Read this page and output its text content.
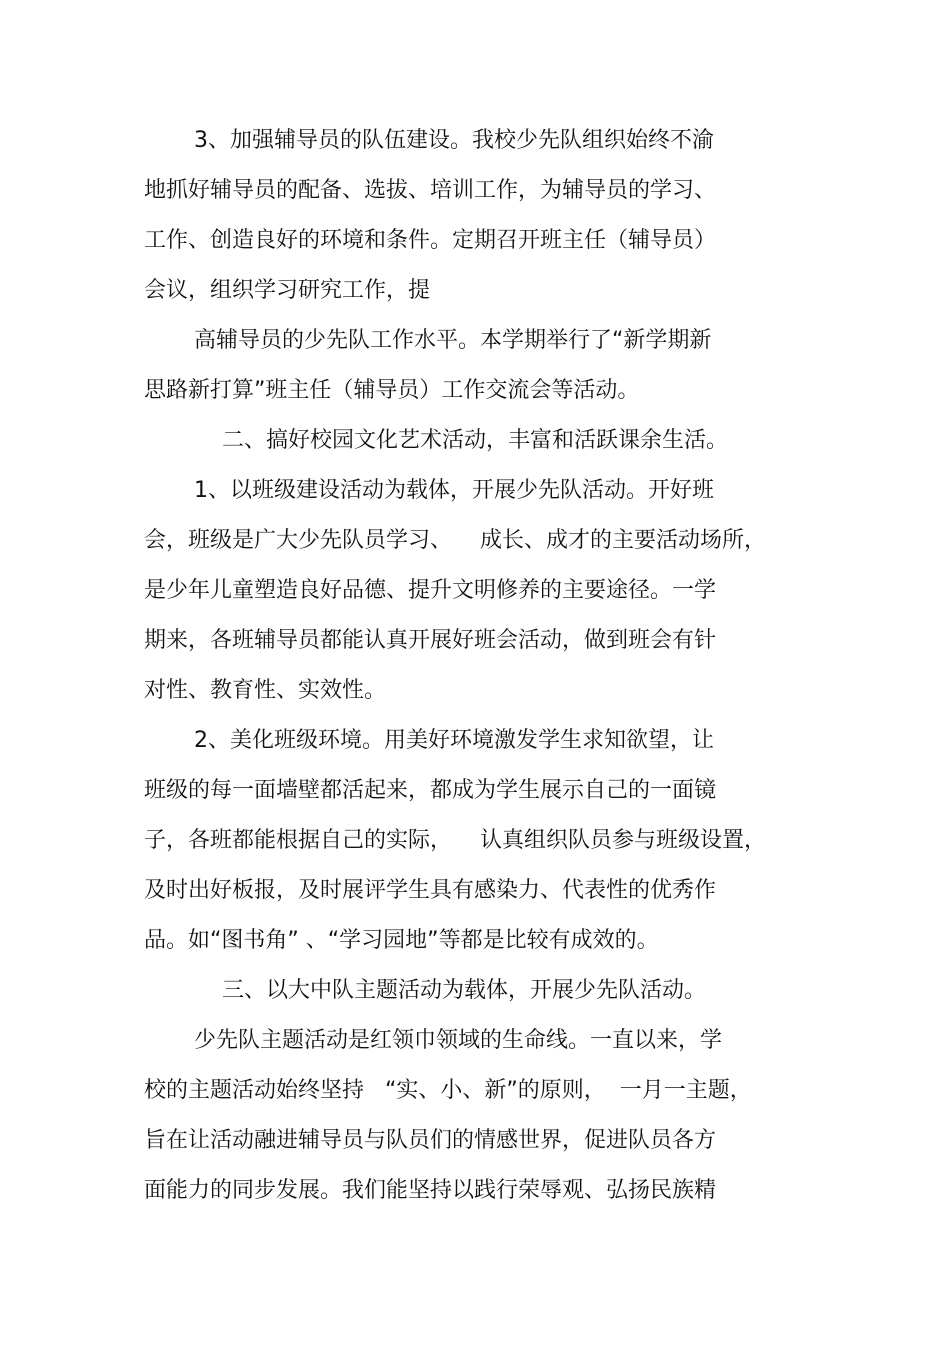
3、加强辅导员的队伍建设。我校少先队组织始终不渝
地抓好辅导员的配备、选拔、培训工作，为辅导员的学习、
工作、创造良好的环境和条件。定期召开班主任（辅导员）
会议，组织学习研究工作，提
高辅导员的少先队工作水平。本学期举行了“新学期新
思路新打算”班主任（辅导员）工作交流会等活动。
二、搞好校园文化艺术活动，丰富和活跃课余生活。
1、以班级建设活动为载体，开展少先队活动。开好班
会，班级是广大少先队员学习、    成长、成才的主要活动场所，
是少年儿童塑造良好品德、提升文明修养的主要途径。一学
期来，各班辅导员都能认真开展好班会活动，做到班会有针
对性、教育性、实效性。
2、美化班级环境。用美好环境激发学生求知欲望，让
班级的每一面墙壁都活起来，都成为学生展示自己的一面镜
子，各班都能根据自己的实际，    认真组织队员参与班级设置，
及时出好板报，及时展评学生具有感染力、代表性的优秀作
品。如“图书角” 、“学习园地”等都是比较有成效的。
三、以大中队主题活动为载体，开展少先队活动。
少先队主题活动是红领巾领域的生命线。一直以来，学
校的主题活动始终坚持   “实、小、新”的原则，  一月一主题，
旨在让活动融进辅导员与队员们的情感世界，促进队员各方
面能力的同步发展。我们能坚持以践行荣辱观、弘扬民族精
